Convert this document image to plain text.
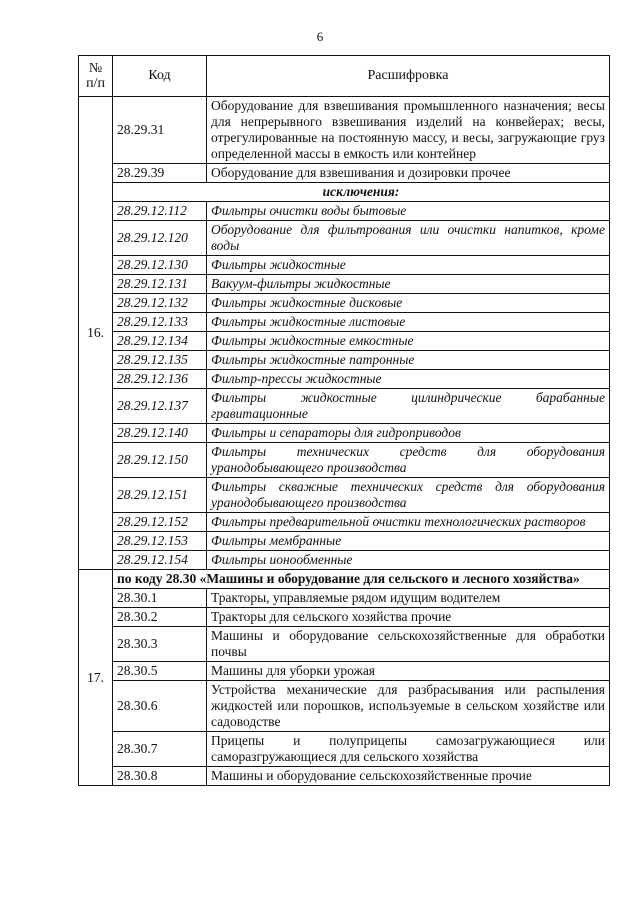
6
№
п/п	Код	Расшифровка
16.	28.29.31	Оборудование для взвешивания промышленного назначения; весы для непрерывного взвешивания изделий на конвейерах; весы, отрегулированные на постоянную массу, и весы, загружающие груз определенной массы в емкость или контейнер
	28.29.39	Оборудование для взвешивания и дозировки прочее
	исключения:	
	28.29.12.112	Фильтры очистки воды бытовые
	28.29.12.120	Оборудование для фильтрования или очистки напитков, кроме воды
	28.29.12.130	Фильтры жидкостные
	28.29.12.131	Вакуум-фильтры жидкостные
	28.29.12.132	Фильтры жидкостные дисковые
	28.29.12.133	Фильтры жидкостные листовые
	28.29.12.134	Фильтры жидкостные емкостные
	28.29.12.135	Фильтры жидкостные патронные
	28.29.12.136	Фильтр-прессы жидкостные
	28.29.12.137	Фильтры жидкостные цилиндрические барабанные гравитационные
	28.29.12.140	Фильтры и сепараторы для гидроприводов
	28.29.12.150	Фильтры технических средств для оборудования уранодобывающего производства
	28.29.12.151	Фильтры скважные технических средств для оборудования уранодобывающего производства
	28.29.12.152	Фильтры предварительной очистки технологических растворов
	28.29.12.153	Фильтры мембранные
	28.29.12.154	Фильтры ионообменные
17.	по коду 28.30 «Машины и оборудование для сельского и лесного хозяйства»	
	28.30.1	Тракторы, управляемые рядом идущим водителем
	28.30.2	Тракторы для сельского хозяйства прочие
	28.30.3	Машины и оборудование сельскохозяйственные для обработки почвы
	28.30.5	Машины для уборки урожая
	28.30.6	Устройства механические для разбрасывания или распыления жидкостей или порошков, используемые в сельском хозяйстве или садоводстве
	28.30.7	Прицепы и полуприцепы самозагружающиеся или саморазгружающиеся для сельского хозяйства
	28.30.8	Машины и оборудование сельскохозяйственные прочие
